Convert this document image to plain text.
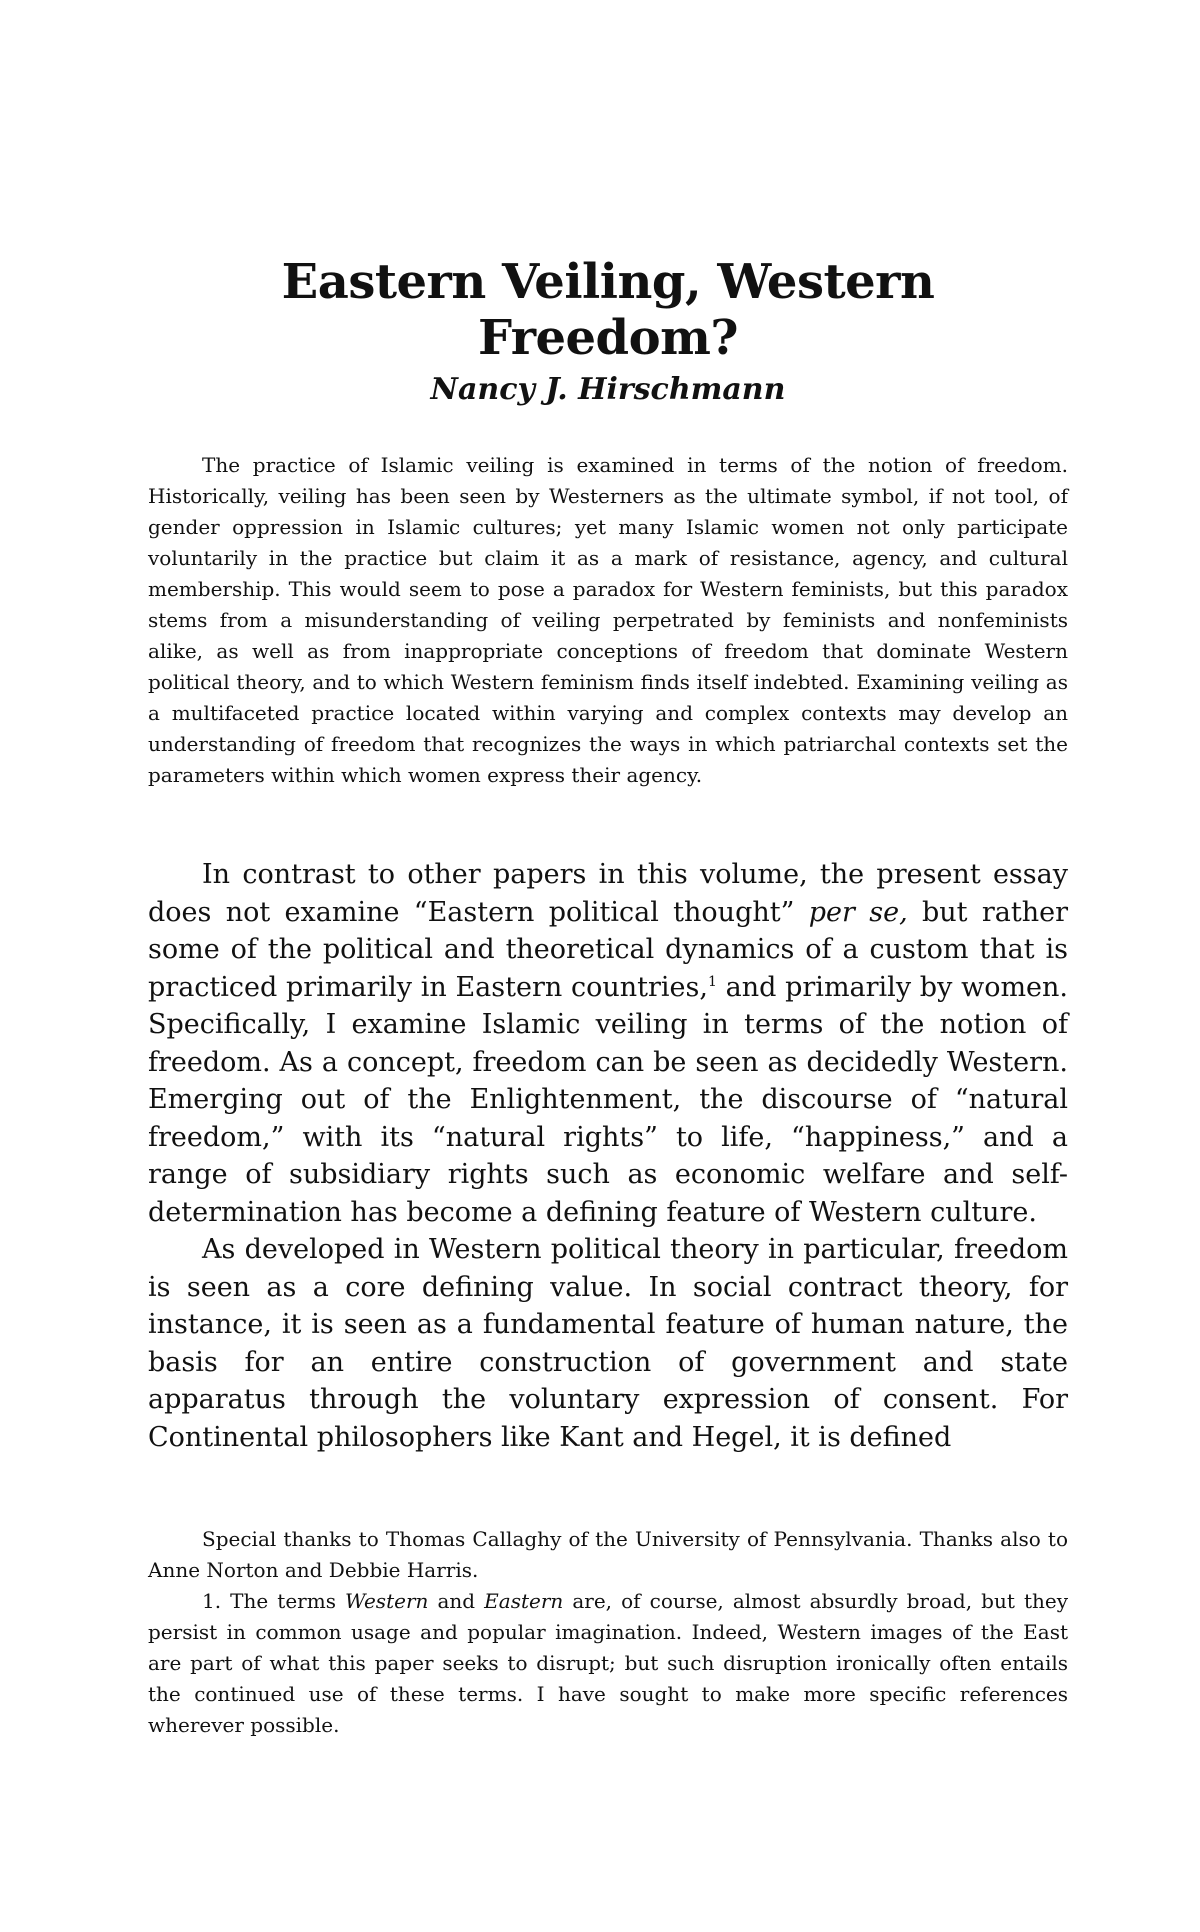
Eastern Veiling, Western Freedom?
Nancy J. Hirschmann

The practice of Islamic veiling is examined in terms of the notion of freedom. Historically, veiling has been seen by Westerners as the ultimate symbol, if not tool, of gender oppression in Islamic cultures; yet many Islamic women not only participate voluntarily in the practice but claim it as a mark of resistance, agency, and cultural membership. This would seem to pose a paradox for Western feminists, but this paradox stems from a misunderstanding of veiling perpetrated by feminists and nonfeminists alike, as well as from inappropriate conceptions of freedom that dominate Western political theory, and to which Western feminism finds itself indebted. Examining veiling as a multifaceted practice located within varying and complex contexts may develop an understanding of freedom that recognizes the ways in which patriarchal contexts set the parameters within which women express their agency.

In contrast to other papers in this volume, the present essay does not examine “Eastern political thought” per se, but rather some of the political and theoretical dynamics of a custom that is practiced primarily in Eastern countries,$^1$ and primarily by women. Specifically, I examine Islamic veiling in terms of the notion of freedom. As a concept, freedom can be seen as decidedly Western. Emerging out of the Enlightenment, the discourse of “natural freedom,” with its “natural rights” to life, “happiness,” and a range of subsidiary rights such as economic welfare and self-determination has become a defining feature of Western culture.

As developed in Western political theory in particular, freedom is seen as a core defining value. In social contract theory, for instance, it is seen as a fundamental feature of human nature, the basis for an entire construction of government and state apparatus through the voluntary expression of consent. For Continental philosophers like Kant and Hegel, it is defined

Special thanks to Thomas Callaghy of the University of Pennsylvania. Thanks also to Anne Norton and Debbie Harris.

1. The terms Western and Eastern are, of course, almost absurdly broad, but they persist in common usage and popular imagination. Indeed, Western images of the East are part of what this paper seeks to disrupt; but such disruption ironically often entails the continued use of these terms. I have sought to make more specific references wherever possible.
